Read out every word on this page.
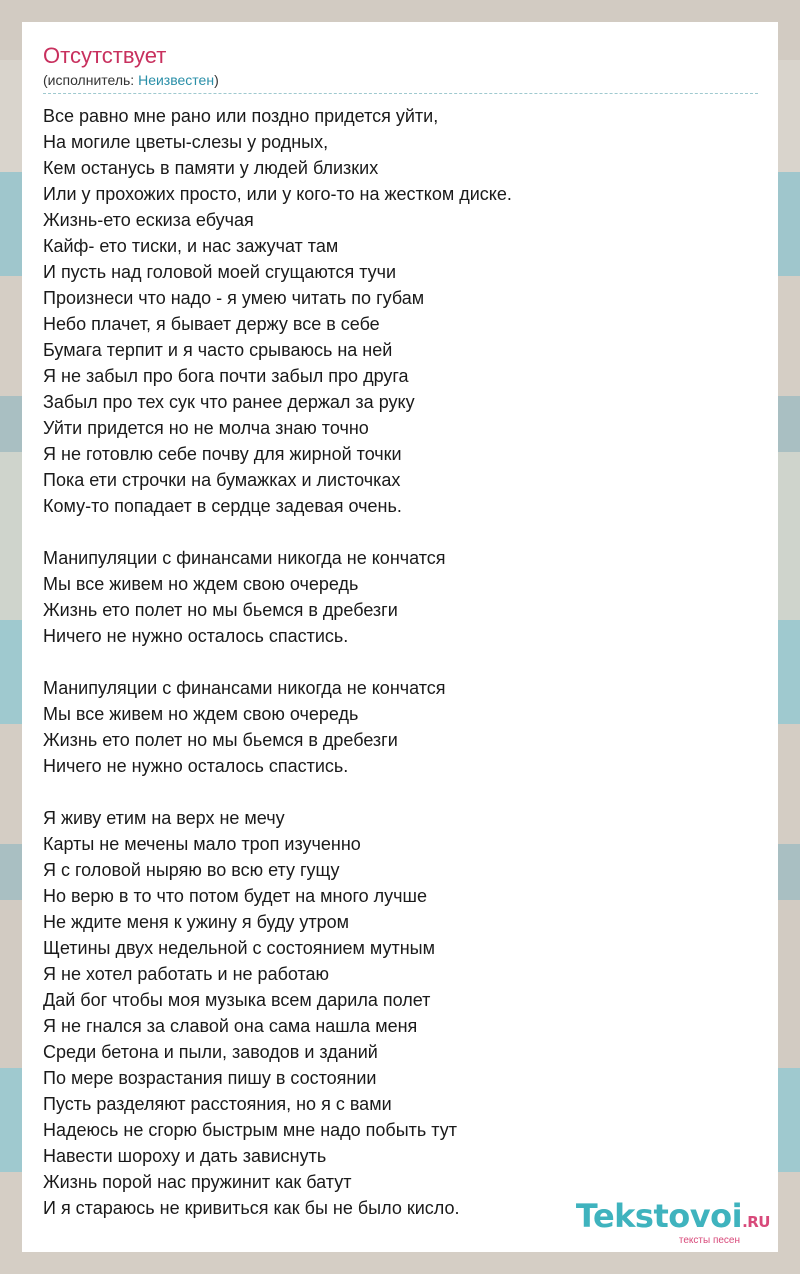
Отсутствует
(исполнитель: Неизвестен)
Все равно мне рано или поздно придется уйти,
На могиле цветы-слезы у родных,
Кем останусь в памяти у людей близких
Или у прохожих просто, или у кого-то на жестком диске.
Жизнь-ето ескиза ебучая
Кайф- ето тиски, и нас зажучат там
И пусть над головой моей сгущаются тучи
Произнеси что надо - я умею читать по губам
Небо плачет, я бывает держу все в себе
Бумага терпит и я часто срываюсь на ней
Я не забыл про бога почти забыл про друга
Забыл про тех сук что ранее держал за руку
Уйти придется но не молча знаю точно
Я не готовлю себе почву для жирной точки
Пока ети строчки на бумажках и листочках
Кому-то попадает в сердце задевая очень.
Манипуляции с финансами никогда не кончатся
Мы все живем но ждем свою очередь
Жизнь ето полет но мы бьемся в дребезги
Ничего не нужно осталось спастись.
Манипуляции с финансами никогда не кончатся
Мы все живем но ждем свою очередь
Жизнь ето полет но мы бьемся в дребезги
Ничего не нужно осталось спастись.
Я живу етим на верх не мечу
Карты не мечены мало троп изученно
Я с головой ныряю во всю ету гущу
Но верю в то что потом будет на много лучше
Не ждите меня к ужину я буду утром
Щетины двух недельной с состоянием мутным
Я не хотел работать и не работаю
Дай бог чтобы моя музыка всем дарила полет
Я не гнался за славой она сама нашла меня
Среди бетона и пыли, заводов и зданий
По мере возрастания пишу в состоянии
Пусть разделяют расстояния, но я с вами
Надеюсь не сгорю быстрым мне надо побыть тут
Навести шороху и дать зависнуть
Жизнь порой нас пружинит как батут
И я стараюсь не кривиться как бы не было кисло.	Tekstovoi.RU
тексты песен
